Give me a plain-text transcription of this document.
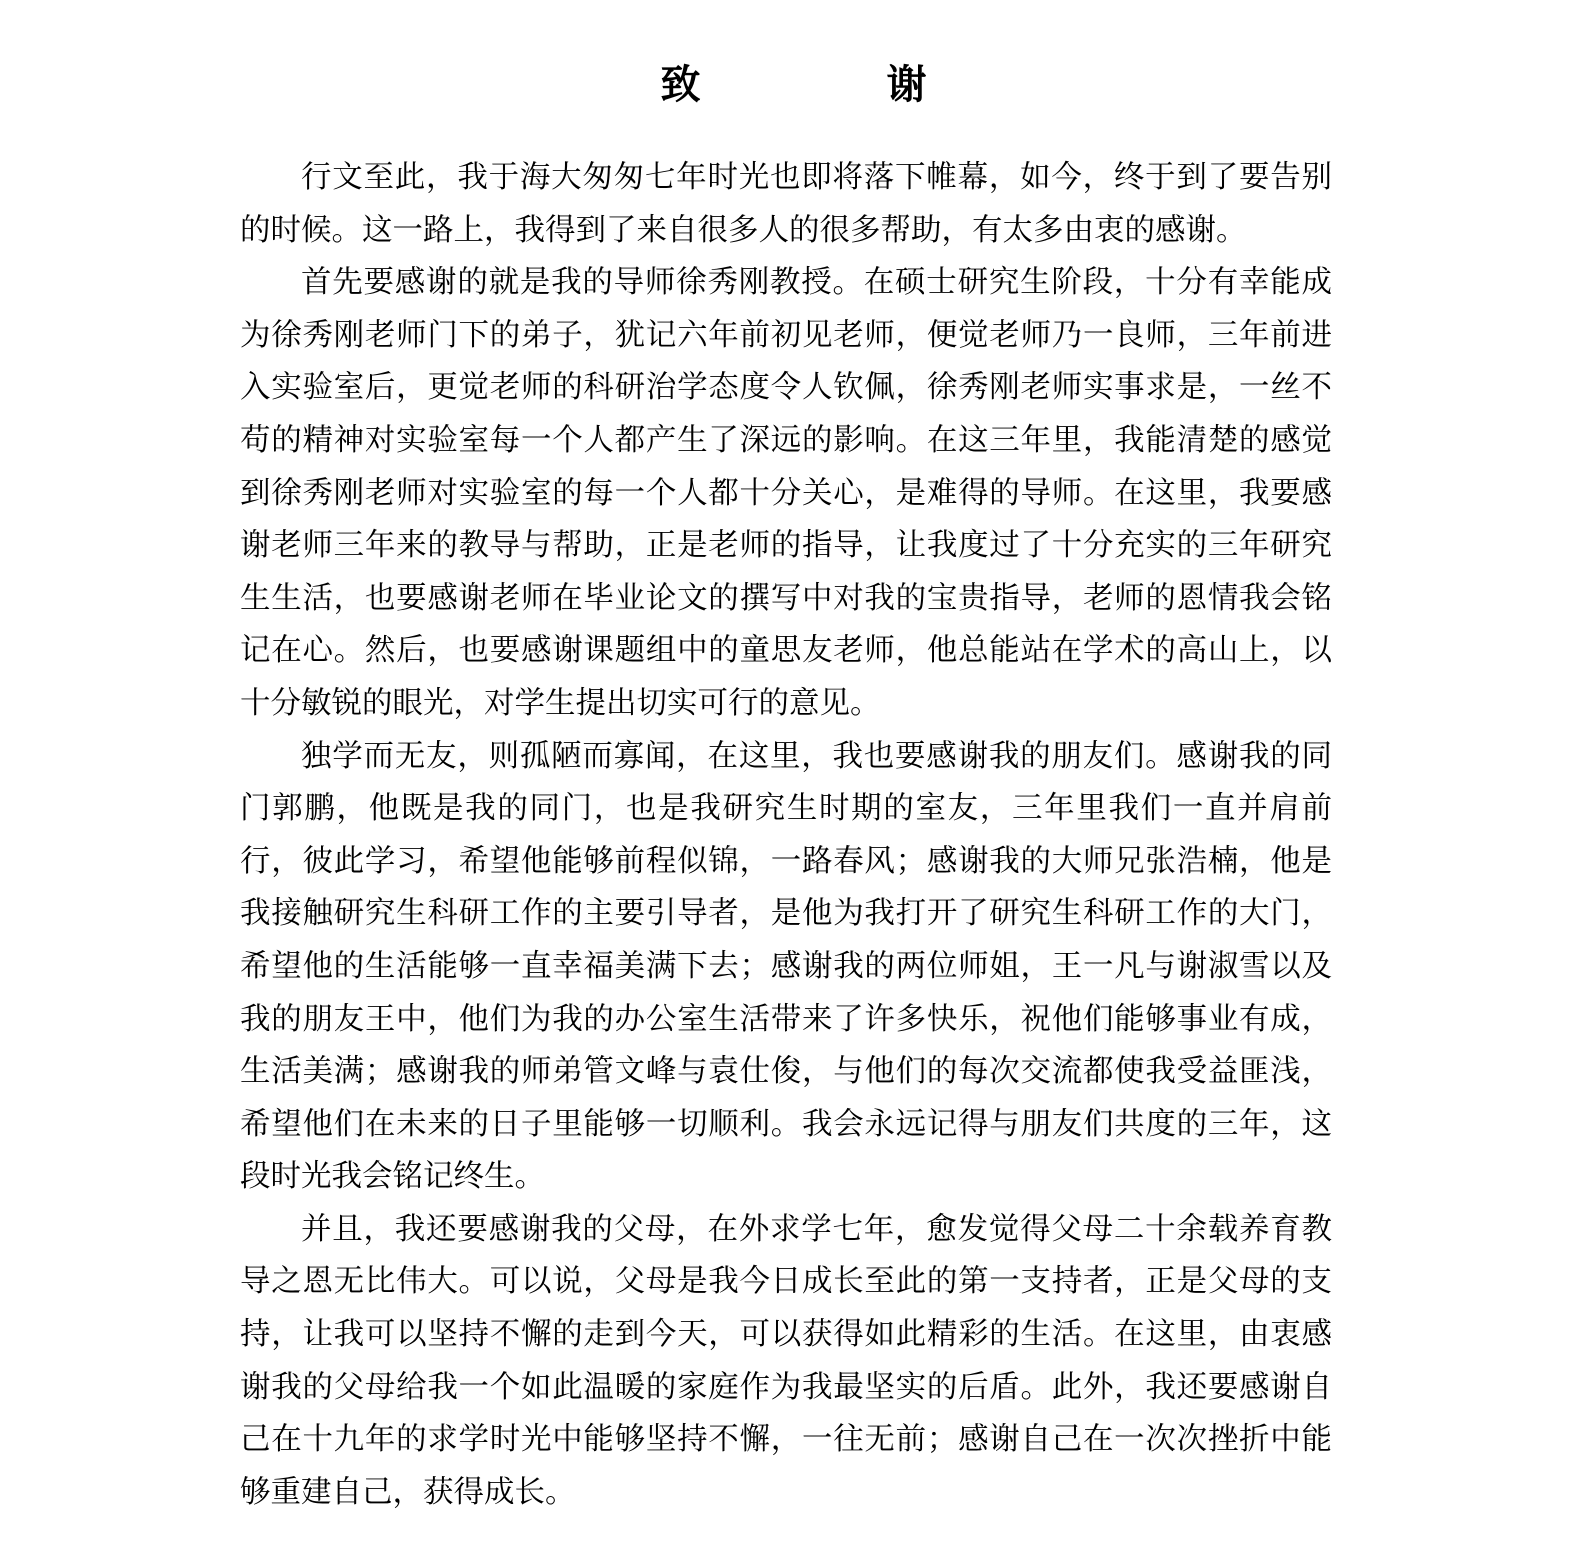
致 谢

行文至此，我于海大匆匆七年时光也即将落下帷幕，如今，终于到了要告别的时候。这一路上，我得到了来自很多人的很多帮助，有太多由衷的感谢。

首先要感谢的就是我的导师徐秀刚教授。在硕士研究生阶段，十分有幸能成为徐秀刚老师门下的弟子，犹记六年前初见老师，便觉老师乃一良师，三年前进入实验室后，更觉老师的科研治学态度令人钦佩，徐秀刚老师实事求是，一丝不苟的精神对实验室每一个人都产生了深远的影响。在这三年里，我能清楚的感觉到徐秀刚老师对实验室的每一个人都十分关心，是难得的导师。在这里，我要感谢老师三年来的教导与帮助，正是老师的指导，让我度过了十分充实的三年研究生生活，也要感谢老师在毕业论文的撰写中对我的宝贵指导，老师的恩情我会铭记在心。然后，也要感谢课题组中的童思友老师，他总能站在学术的高山上，以十分敏锐的眼光，对学生提出切实可行的意见。

独学而无友，则孤陋而寡闻，在这里，我也要感谢我的朋友们。感谢我的同门郭鹏，他既是我的同门，也是我研究生时期的室友，三年里我们一直并肩前行，彼此学习，希望他能够前程似锦，一路春风；感谢我的大师兄张浩楠，他是我接触研究生科研工作的主要引导者，是他为我打开了研究生科研工作的大门，希望他的生活能够一直幸福美满下去；感谢我的两位师姐，王一凡与谢淑雪以及我的朋友王中，他们为我的办公室生活带来了许多快乐，祝他们能够事业有成，生活美满；感谢我的师弟管文峰与袁仕俊，与他们的每次交流都使我受益匪浅，希望他们在未来的日子里能够一切顺利。我会永远记得与朋友们共度的三年，这段时光我会铭记终生。

并且，我还要感谢我的父母，在外求学七年，愈发觉得父母二十余载养育教导之恩无比伟大。可以说，父母是我今日成长至此的第一支持者，正是父母的支持，让我可以坚持不懈的走到今天，可以获得如此精彩的生活。在这里，由衷感谢我的父母给我一个如此温暖的家庭作为我最坚实的后盾。此外，我还要感谢自己在十九年的求学时光中能够坚持不懈，一往无前；感谢自己在一次次挫折中能够重建自己，获得成长。
